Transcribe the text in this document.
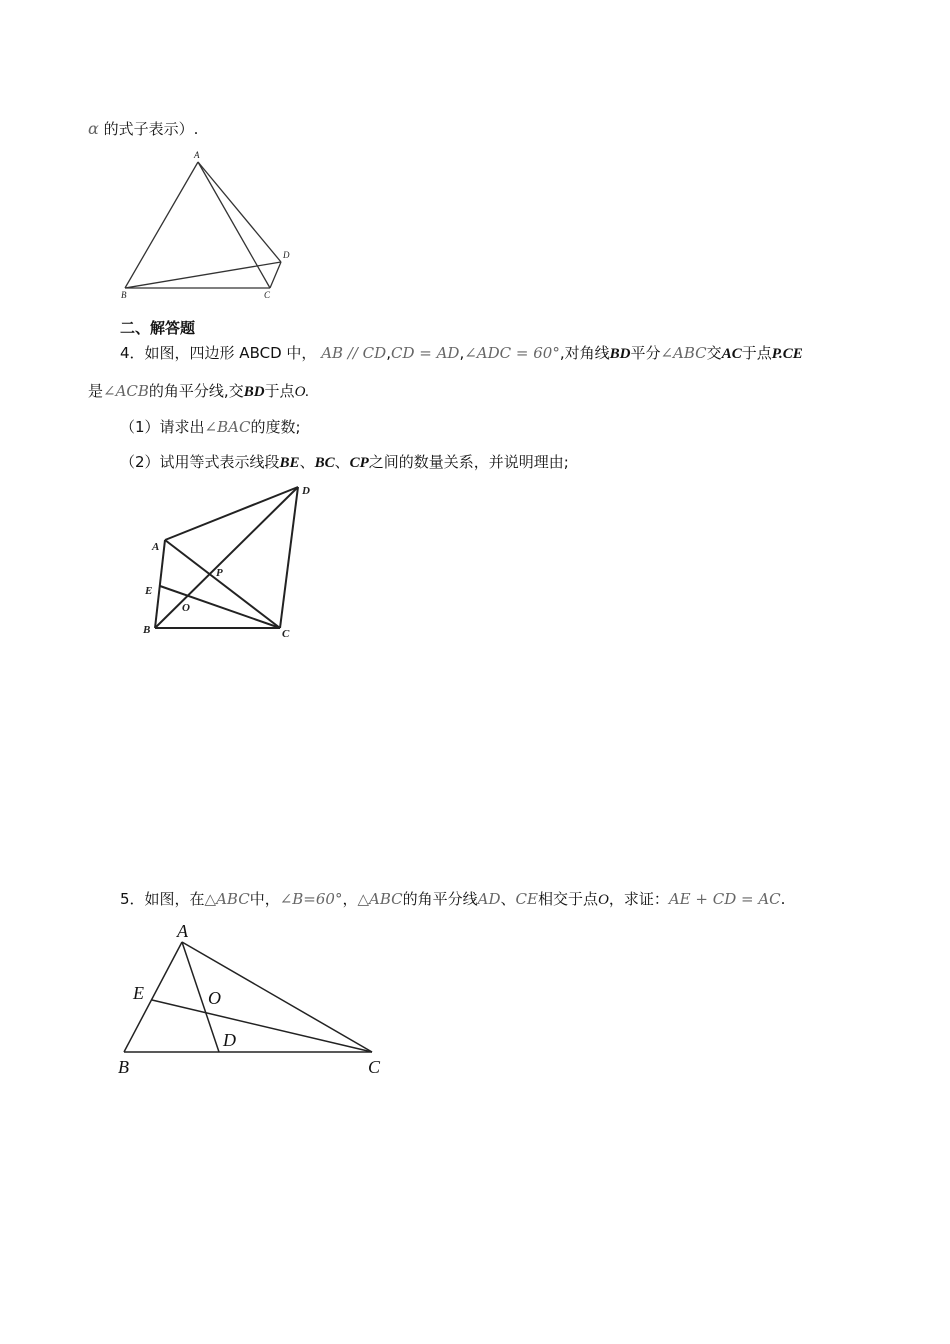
α 的式子表示）.
A
B	C
D
二、解答题
4．如图，四边形 ABCD 中， AB // CD,CD = AD,∠ADC = 60°,对角线BD平分∠ABC交AC于点P.CE
是∠ACB的角平分线,交BD于点O.
（1）请求出∠BAC的度数;
（2）试用等式表示线段BE、BC、CP之间的数量关系，并说明理由;
A
B	C
D
E
O
P
5．如图，在△ABC中，∠B=60°，△ABC的角平分线AD、CE相交于点O，求证：AE + CD = AC.
A
B	C
D
E	O
